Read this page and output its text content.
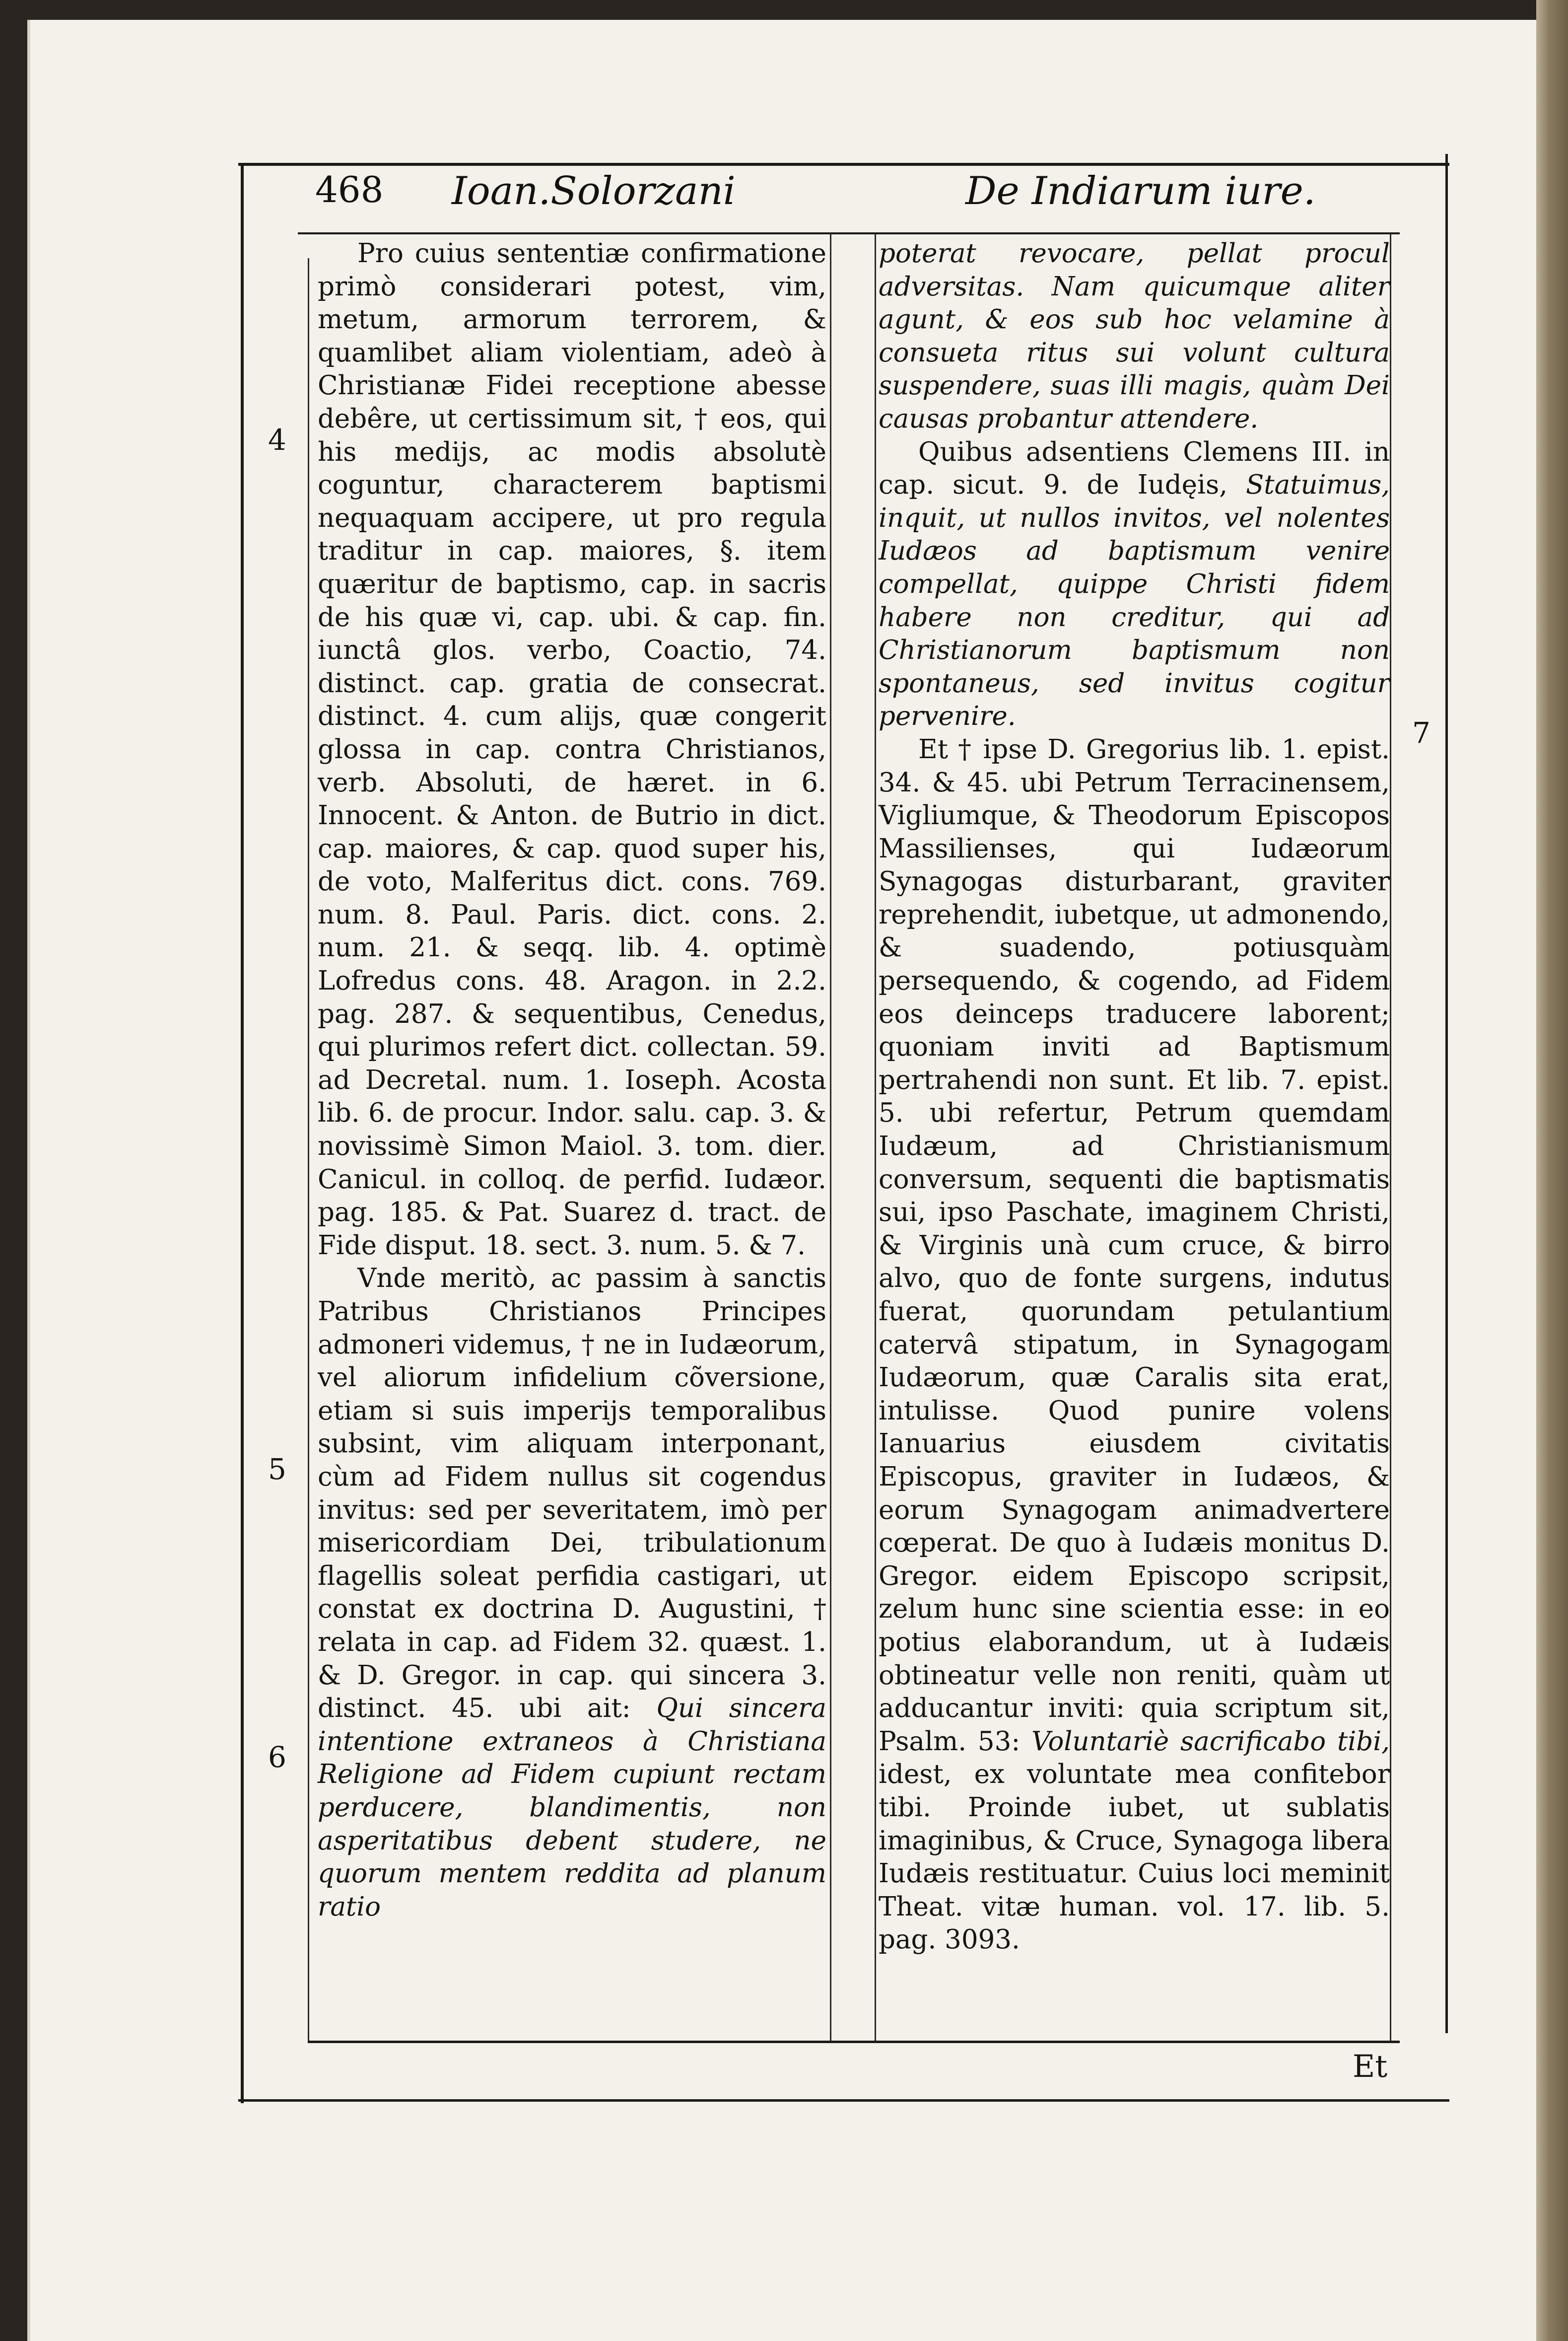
468 Ioan.Solorzani	De Indiarum iure.

Pro cuius sententiæ confirmatione primò considerari potest, vim, metum, armorum terrorem, & quamlibet aliam violentiam, adeò à Christianæ Fidei receptione abesse debêre, ut certissimum sit, † eos, qui his medijs, ac modis absolutè coguntur, characterem baptismi nequaquam accipere, ut pro regula traditur in cap. maiores, §. item quæritur de baptismo, cap. in sacris de his quæ vi, cap. ubi. & cap. fin. iunctâ glos. verbo, Coactio, 74. distinct. cap. gratia de consecrat. distinct. 4. cum alijs, quæ congerit glossa in cap. contra Christianos, verb. Absoluti, de hæret. in 6. Innocent. & Anton. de Butrio in dict. cap. maiores, & cap. quod super his, de voto, Malferitus dict. cons. 769. num. 8. Paul. Paris. dict. cons. 2. num. 21. & seqq. lib. 4. optimè Lofredus cons. 48. Aragon. in 2.2. pag. 287. & sequentibus, Cenedus, qui plurimos refert dict. collectan. 59. ad Decretal. num. 1. Ioseph. Acosta lib. 6. de procur. Indor. salu. cap. 3. & novissimè Simon Maiol. 3. tom. dier. Canicul. in colloq. de perfid. Iudæor. pag. 185. & Pat. Suarez d. tract. de Fide disput. 18. sect. 3. num. 5. & 7.

Vnde meritò, ac passim à sanctis Patribus Christianos Principes admoneri videmus, † ne in Iudæorum, vel aliorum infidelium cõversione, etiam si suis imperijs temporalibus subsint, vim aliquam interponant, cùm ad Fidem nullus sit cogendus invitus: sed per severitatem, imò per misericordiam Dei, tribulationum flagellis soleat perfidia castigari, ut constat ex doctrina D. Augustini, † relata in cap. ad Fidem 32. quæst. 1. & D. Gregor. in cap. qui sincera 3. distinct. 45. ubi ait: Qui sincera intentione extraneos à Christiana Religione ad Fidem cupiunt rectam perducere, blandimentis, non asperitatibus debent studere, ne quorum mentem reddita ad planum ratio

poterat revocare, pellat procul adversitas. Nam quicumque aliter agunt, & eos sub hoc velamine à consueta ritus sui volunt cultura suspendere, suas illi magis, quàm Dei causas probantur attendere.

Quibus adsentiens Clemens III. in cap. sicut. 9. de Iudęis, Statuimus, inquit, ut nullos invitos, vel nolentes Iudæos ad baptismum venire compellat, quippe Christi fidem habere non creditur, qui ad Christianorum baptismum non spontaneus, sed invitus cogitur pervenire.

Et † ipse D. Gregorius lib. 1. epist. 34. & 45. ubi Petrum Terracinensem, Vigliumque, & Theodorum Episcopos Massilienses, qui Iudæorum Synagogas disturbarant, graviter reprehendit, iubetque, ut admonendo, & suadendo, potiusquàm persequendo, & cogendo, ad Fidem eos deinceps traducere laborent; quoniam inviti ad Baptismum pertrahendi non sunt. Et lib. 7. epist. 5. ubi refertur, Petrum quemdam Iudæum, ad Christianismum conversum, sequenti die baptismatis sui, ipso Paschate, imaginem Christi, & Virginis unà cum cruce, & birro alvo, quo de fonte surgens, indutus fuerat, quorundam petulantium catervâ stipatum, in Synagogam Iudæorum, quæ Caralis sita erat, intulisse. Quod punire volens Ianuarius eiusdem civitatis Episcopus, graviter in Iudæos, & eorum Synagogam animadvertere cœperat. De quo à Iudæis monitus D. Gregor. eidem Episcopo scripsit, zelum hunc sine scientia esse: in eo potius elaborandum, ut à Iudæis obtineatur velle non reniti, quàm ut adducantur inviti: quia scriptum sit, Psalm. 53: Voluntariè sacrificabo tibi, idest, ex voluntate mea confitebor tibi. Proinde iubet, ut sublatis imaginibus, & Cruce, Synagoga libera Iudæis restituatur. Cuius loci meminit Theat. vitæ human. vol. 17. lib. 5. pag. 3093.

4
5
6
7
Et
